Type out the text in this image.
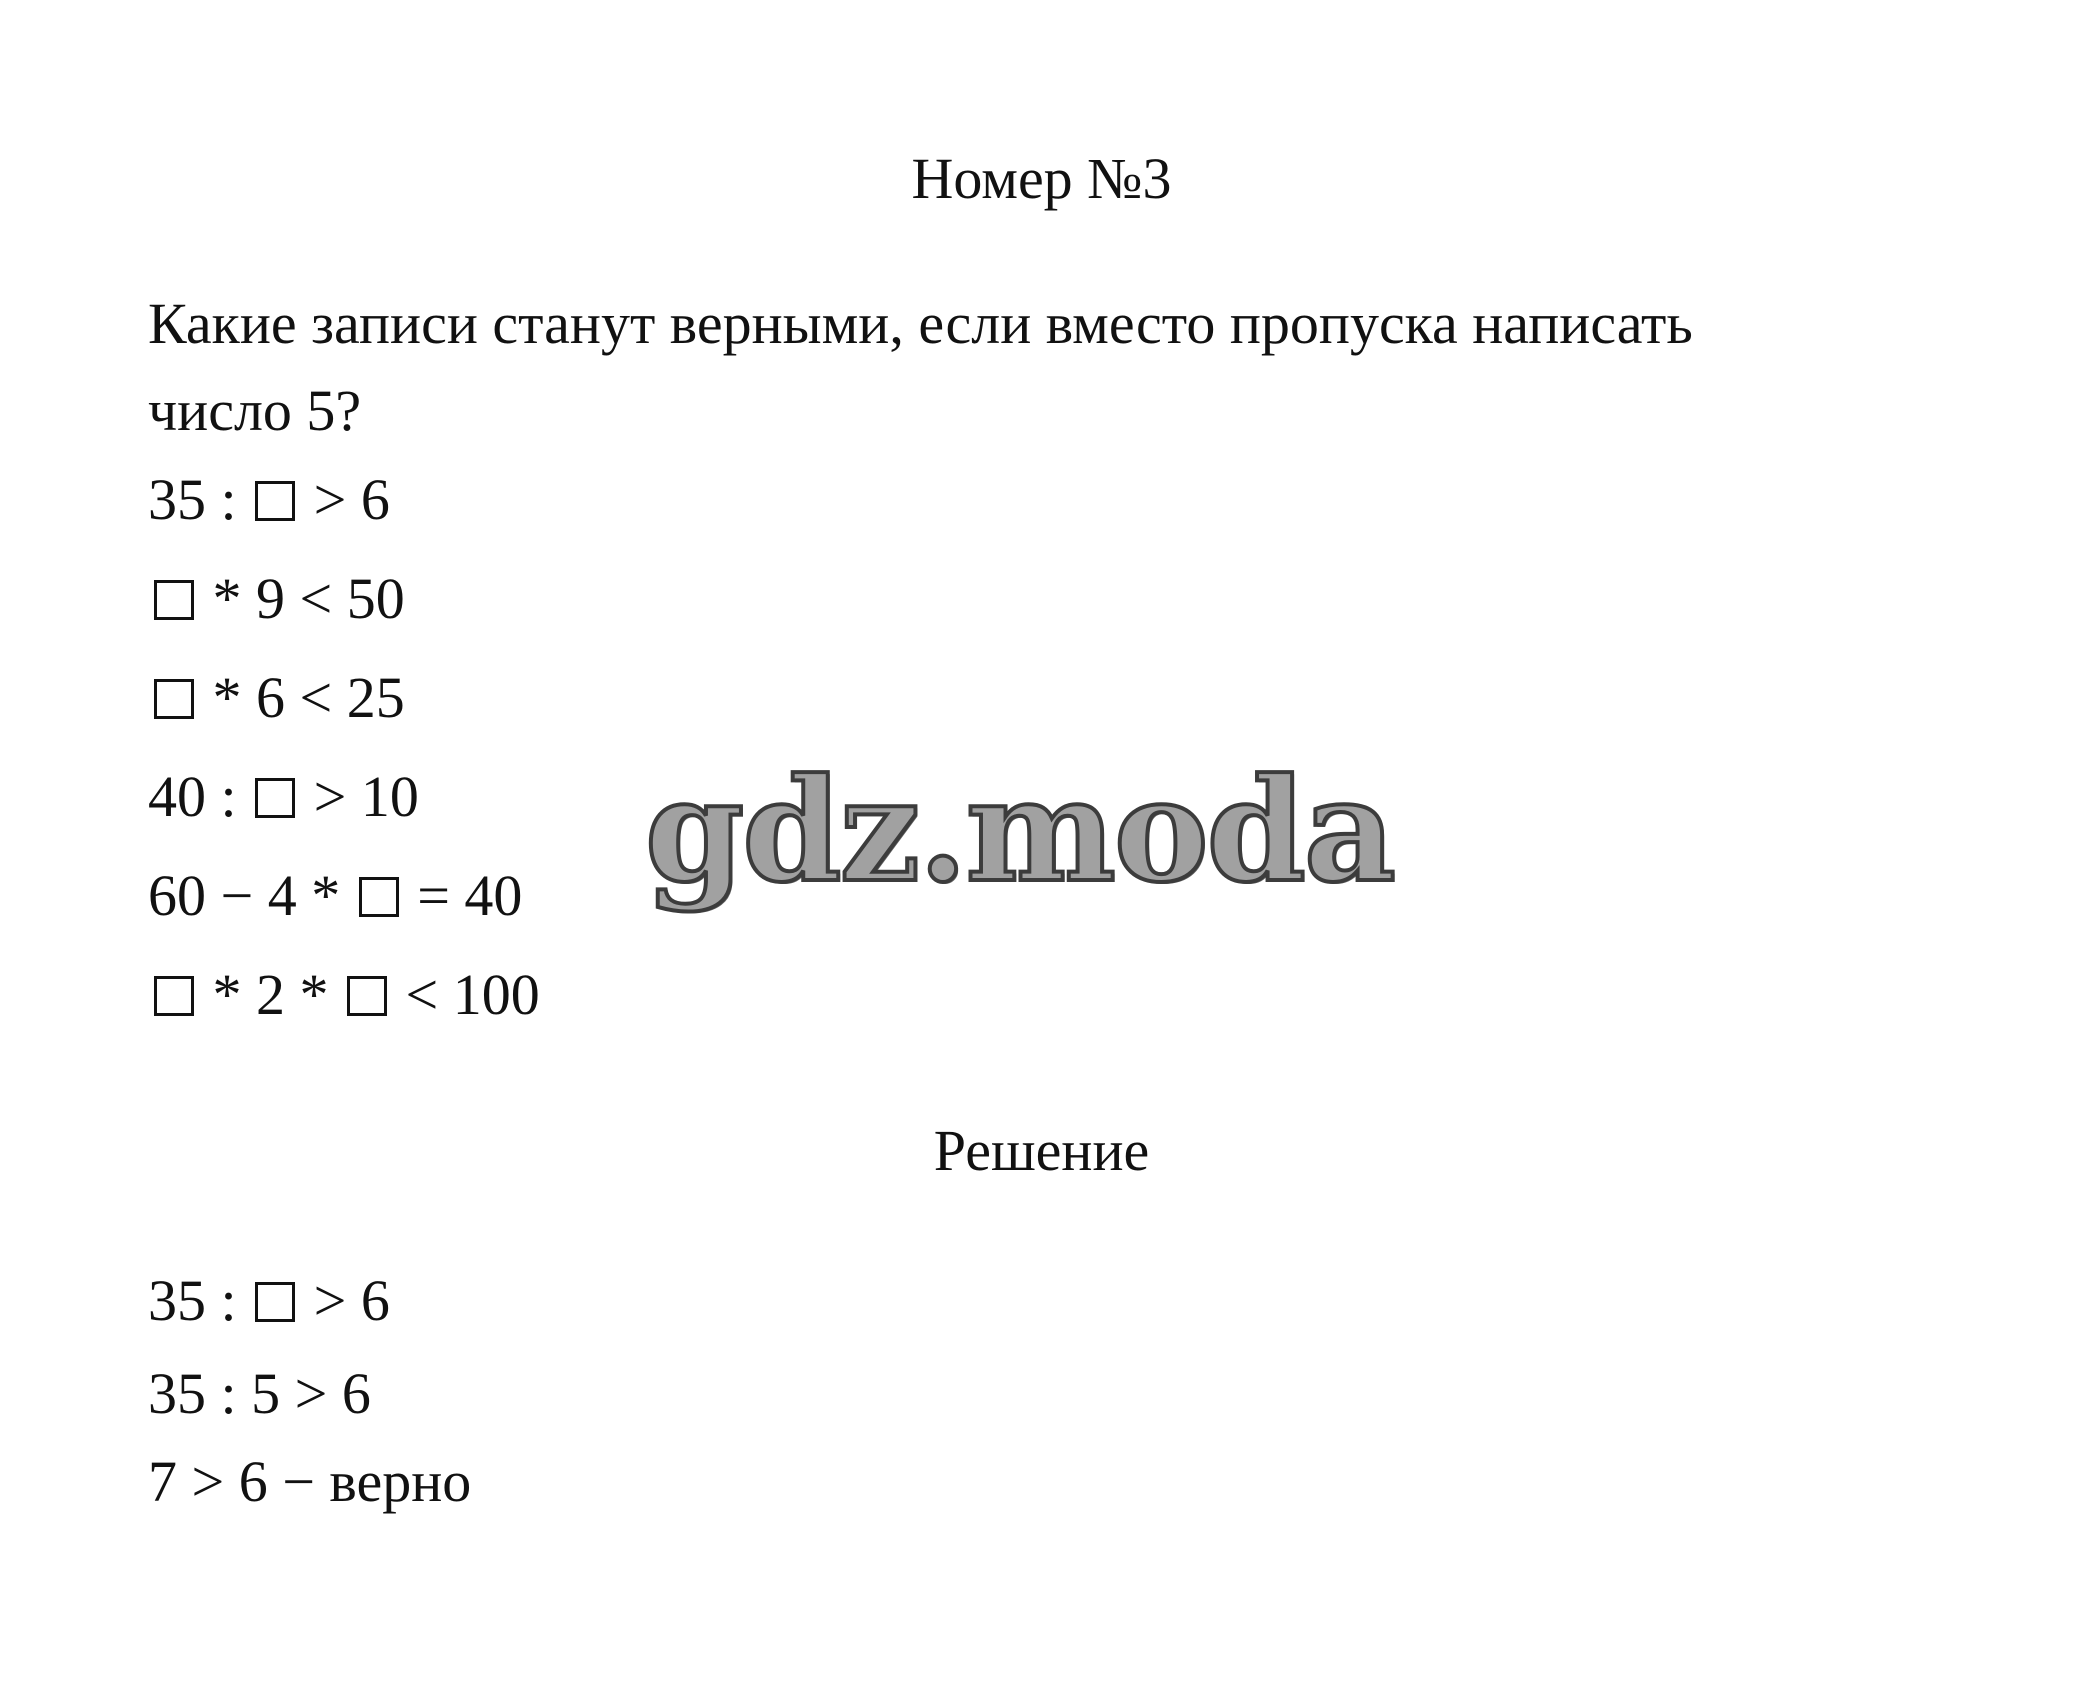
Номер №3
Какие записи станут верными, если вместо пропуска написать
число 5?
35 : > 6
* 9 < 50
* 6 < 25
40 : > 10
60 − 4 * = 40
* 2 * < 100
Решение
35 : > 6
35 : 5 > 6
7 > 6 − верно
gdz.moda
